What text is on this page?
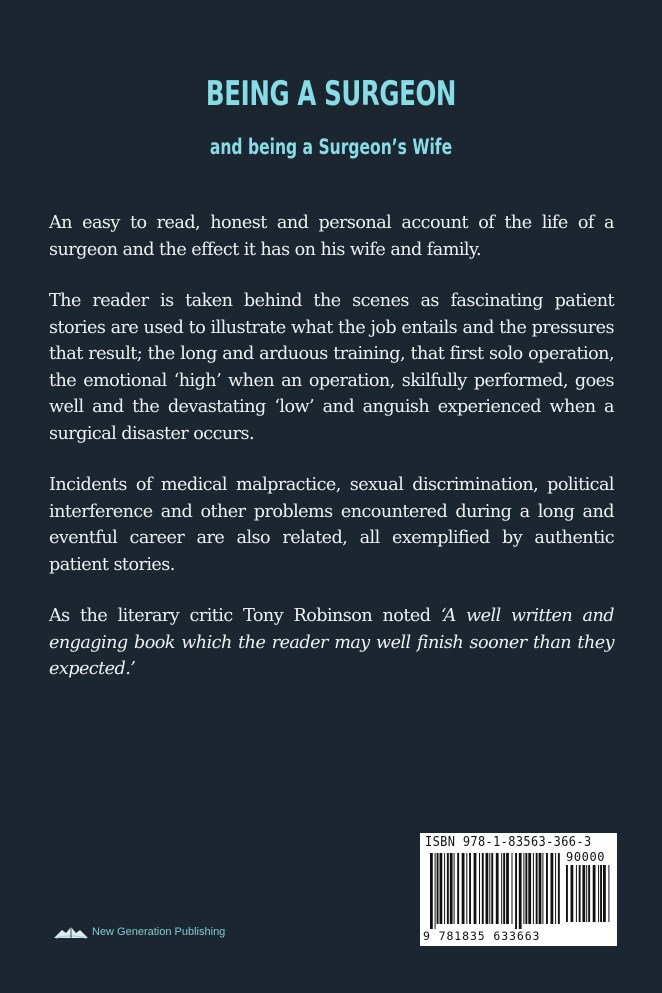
BEING A SURGEON
and being a Surgeon’s Wife

An easy to read, honest and personal account of the life of a surgeon and the effect it has on his wife and family.

The reader is taken behind the scenes as fascinating patient stories are used to illustrate what the job entails and the pressures that result; the long and arduous training, that first solo operation, the emotional ‘high’ when an operation, skilfully performed, goes well and the devastating ‘low’ and anguish experienced when a surgical disaster occurs.

Incidents of medical malpractice, sexual discrimination, political interference and other problems encountered during a long and eventful career are also related, all exemplified by authentic patient stories.

As the literary critic Tony Robinson noted ‘A well written and engaging book which the reader may well finish sooner than they expected.’

ISBN 978-1-83563-366-3
90000
9 781835 633663
New Generation Publishing
